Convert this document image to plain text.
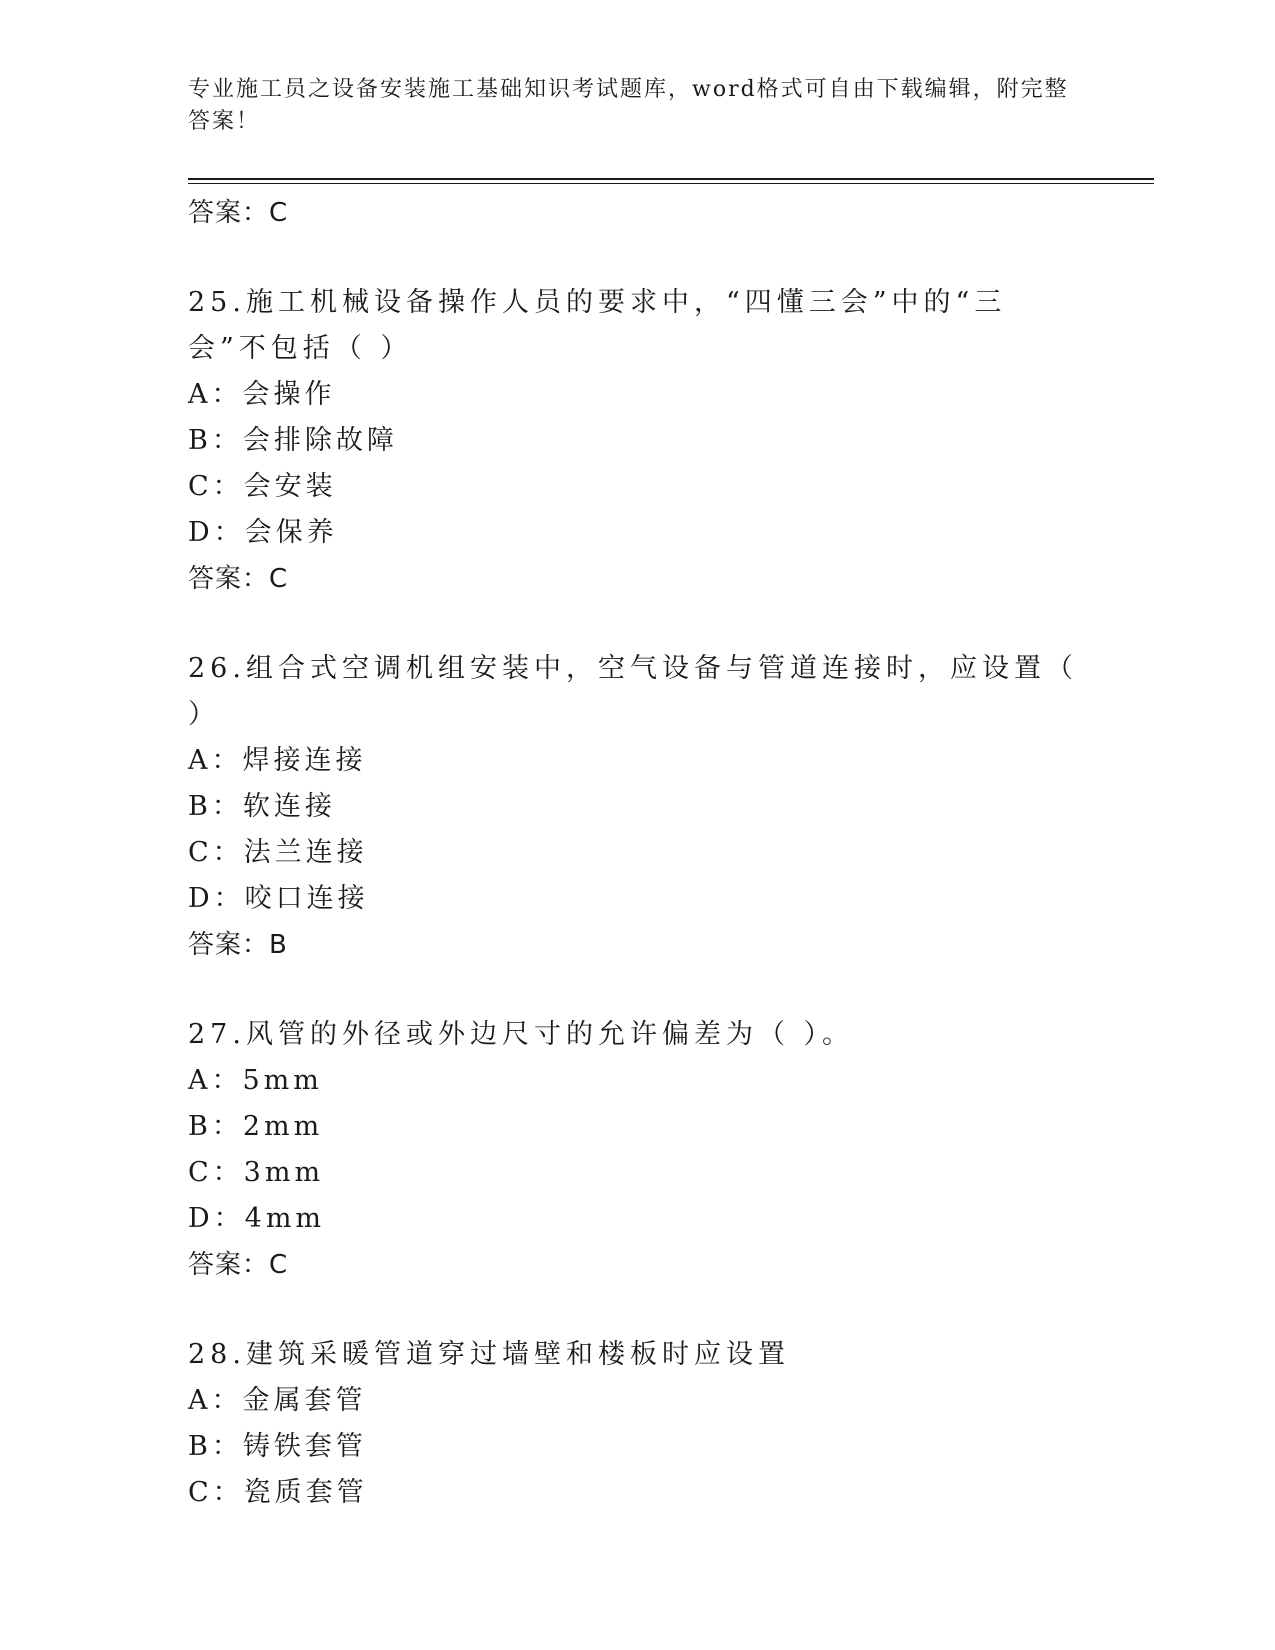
专业施工员之设备安装施工基础知识考试题库，word格式可自由下载编辑，附完整答案！
答案：C
25.施工机械设备操作人员的要求中，“四懂三会”中的“三会”不包括（ ）
A：会操作
B：会排除故障
C：会安装
D：会保养
答案：C
26.组合式空调机组安装中，空气设备与管道连接时，应设置（ ）
A：焊接连接
B：软连接
C：法兰连接
D：咬口连接
答案：B
27.风管的外径或外边尺寸的允许偏差为（ ）。
A：5mm
B：2mm
C：3mm
D：4mm
答案：C
28.建筑采暖管道穿过墙壁和楼板时应设置
A：金属套管
B：铸铁套管
C：瓷质套管
